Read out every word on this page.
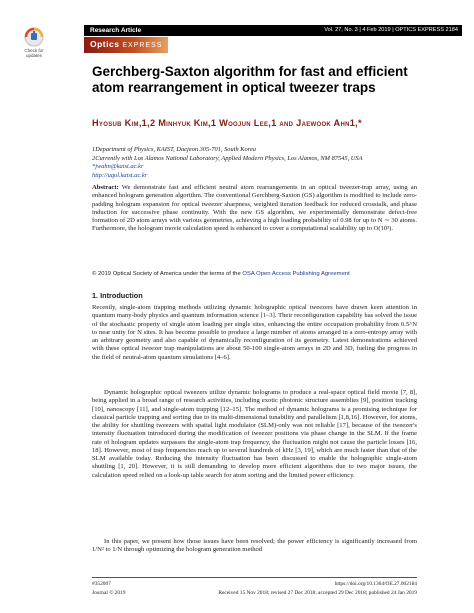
Check for
updates
Research Article	Vol. 27, No. 3 | 4 Feb 2019 | OPTICS EXPRESS 2184
Optics EXPRESS
Gerchberg-Saxton algorithm for fast and efficient atom rearrangement in optical tweezer traps

Hyosub Kim,1,2 Minhyuk Kim,1 Woojun Lee,1 and Jaewook Ahn1,*

1Department of Physics, KAIST, Daejeon 305-701, South Korea
2Currently with Los Alamos National Laboratory, Applied Modern Physics, Los Alamos, NM 87545, USA
*jwahn@kaist.ac.kr
http://uqol.kaist.ac.kr

Abstract: We demonstrate fast and efficient neutral atom rearrangements in an optical tweezer-trap array, using an enhanced hologram generation algorithm. The conventional Gerchberg-Saxton (GS) algorithm is modified to include zero-padding hologram expansion for optical tweezer sharpness, weighted iteration feedback for reduced crosstalk, and phase induction for successive phase continuity. With the new GS algorithm, we experimentally demonstrate defect-free formation of 2D atom arrays with various geometries, achieving a high loading probability of 0.98 for up to N ∼ 30 atoms. Furthermore, the hologram movie calculation speed is enhanced to cover a computational scalability up to O(10³).

© 2019 Optical Society of America under the terms of the OSA Open Access Publishing Agreement
1. Introduction

Recently, single-atom trapping methods utilizing dynamic holographic optical tweezers have drawn keen attention in quantum many-body physics and quantum information science [1–3]. Their reconfiguration capability has solved the issue of the stochastic property of single atom loading per single sites, enhancing the entire occupation probability from 0.5^N to near unity for N sites. It has become possible to produce a large number of atoms arranged in a zero-entropy array with an arbitrary geometry and also capable of dynamically reconfiguration of its geometry. Latest demonstrations achieved with these optical tweezer trap manipulations are about 50-100 single-atom arrays in 2D and 3D, fueling the progress in the field of neutral-atom quantum simulations [4–6].

Dynamic holographic optical tweezers utilize dynamic holograms to produce a real-space optical field movie [7, 8], being applied in a broad range of research activities, including exotic photonic structure assemblies [9], position tracking [10], nanoscopy [11], and single-atom trapping [12–15]. The method of dynamic holograms is a promising technique for classical particle trapping and sorting due to its multi-dimensional tunability and parallelism [1,8,16]. However, for atoms, the ability for shuttling tweezers with spatial light modulator (SLM)-only was not reliable [17], because of the tweezer's intensity fluctuation introduced during the modification of tweezer positions via phase change in the SLM. If the frame rate of hologram updates surpasses the single-atom trap frequency, the fluctuation might not cause the particle losses [16, 18]. However, most of trap frequencies reach up to several hundreds of kHz [3, 19], which are much faster than that of the SLM available today. Reducing the intensity fluctuation has been discussed to enable the holographic single-atom shuttling [1, 20]. However, it is still demanding to develop more efficient algorithms due to two major issues, the calculation speed relied on a look-up table search for atom sorting and the limited power efficiency.

In this paper, we present how those issues have been resolved; the power efficiency is significantly increased from 1/N² to 1/N through optimizing the hologram generation method

#352007
Journal © 2019
https://doi.org/10.1364/OE.27.002184
Received 15 Nov 2018; revised 27 Dec 2018; accepted 29 Dec 2018; published 24 Jan 2019
